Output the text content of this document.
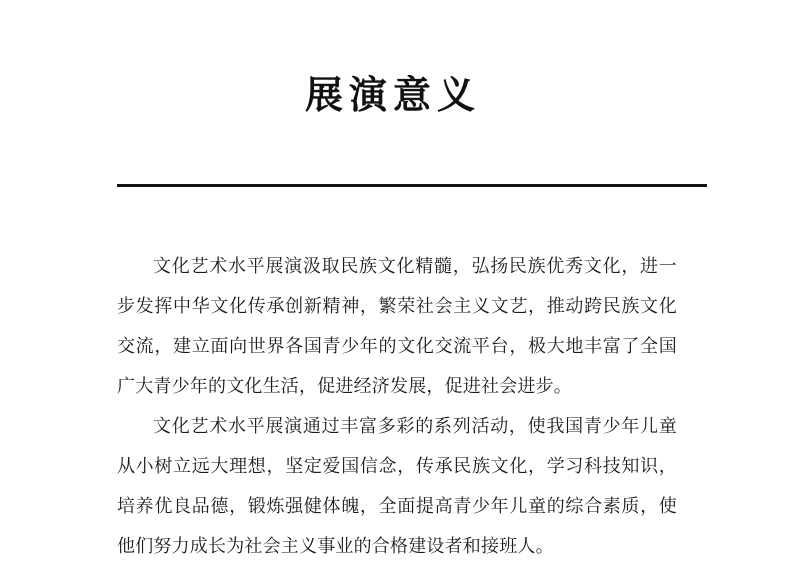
展演意义

文化艺术水平展演汲取民族文化精髓，弘扬民族优秀文化，进一步发挥中华文化传承创新精神，繁荣社会主义文艺，推动跨民族文化交流，建立面向世界各国青少年的文化交流平台，极大地丰富了全国广大青少年的文化生活，促进经济发展，促进社会进步。

文化艺术水平展演通过丰富多彩的系列活动，使我国青少年儿童从小树立远大理想，坚定爱国信念，传承民族文化，学习科技知识，培养优良品德，锻炼强健体魄，全面提高青少年儿童的综合素质，使他们努力成长为社会主义事业的合格建设者和接班人。
